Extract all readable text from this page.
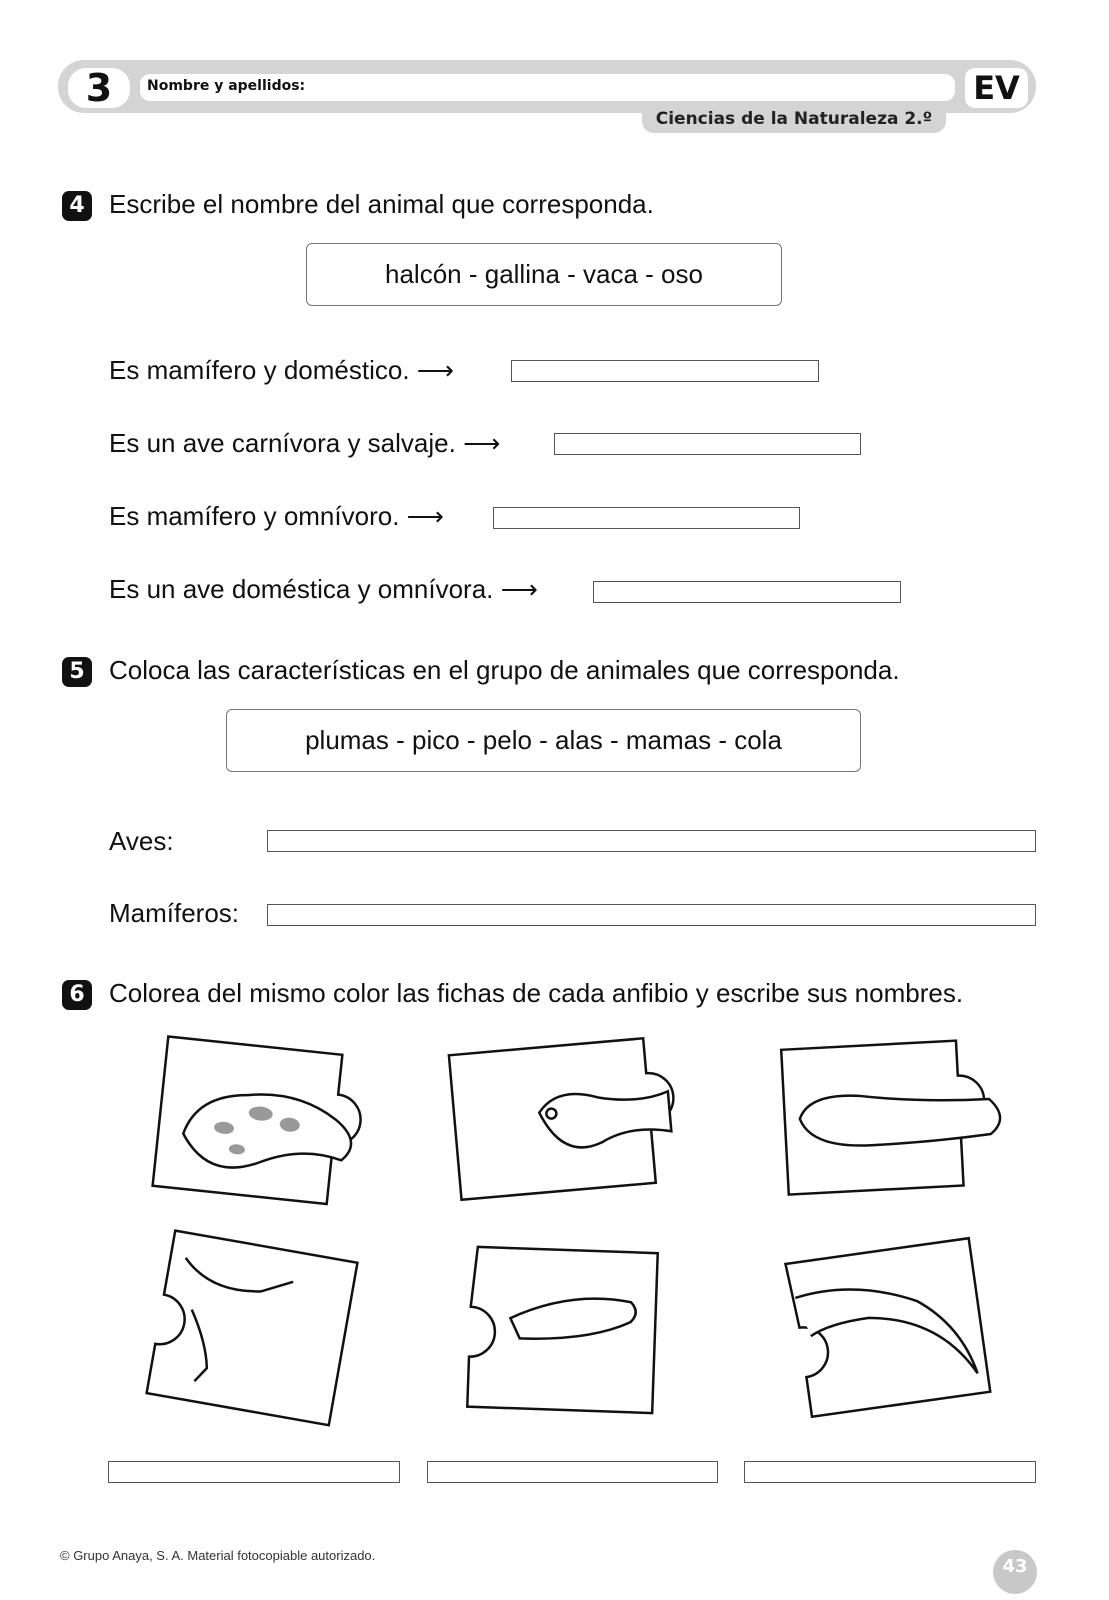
3	Nombre y apellidos:	EV
Ciencias de la Naturaleza 2.º
4 Escribe el nombre del animal que corresponda.
halcón - gallina - vaca - oso
Es mamífero y doméstico. ⟶
Es un ave carnívora y salvaje. ⟶
Es mamífero y omnívoro. ⟶
Es un ave doméstica y omnívora. ⟶
5 Coloca las características en el grupo de animales que corresponda.
plumas - pico - pelo - alas - mamas - cola
Aves:
Mamíferos:
6 Colorea del mismo color las fichas de cada anfibio y escribe sus nombres.
© Grupo Anaya, S. A. Material fotocopiable autorizado.
43
